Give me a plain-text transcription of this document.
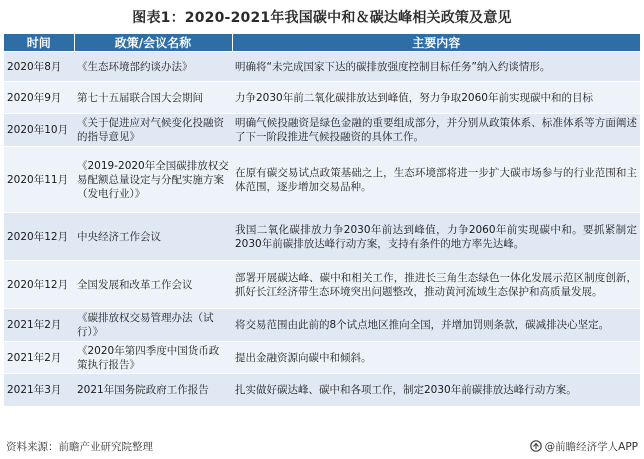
图表1：2020-2021年我国碳中和＆碳达峰相关政策及意见
时间	政策/会议名称	主要内容
2020年8月	《生态环境部约谈办法》	明确将“未完成国家下达的碳排放强度控制目标任务”纳入约谈情形。
2020年9月	第七十五届联合国大会期间	力争2030年前二氧化碳排放达到峰值，努力争取2060年前实现碳中和的目标
2020年10月	《关于促进应对气候变化投融资的指导意见》	明确气候投融资是绿色金融的重要组成部分，并分别从政策体系、标准体系等方面阐述了下一阶段推进气候投融资的具体工作。
2020年11月	《2019-2020年全国碳排放权交易配额总量设定与分配实施方案（发电行业）》	在原有碳交易试点政策基础之上，生态环境部将进一步扩大碳市场参与的行业范围和主体范围，逐步增加交易品种。
2020年12月	中央经济工作会议	我国二氧化碳排放力争2030年前达到峰值，力争2060年前实现碳中和。要抓紧制定2030年前碳排放达峰行动方案，支持有条件的地方率先达峰。
2020年12月	全国发展和改革工作会议	部署开展碳达峰、碳中和相关工作，推进长三角生态绿色一体化发展示范区制度创新，抓好长江经济带生态环境突出问题整改，推动黄河流域生态保护和高质量发展。
2021年2月	《碳排放权交易管理办法（试行）》	将交易范围由此前的8个试点地区推向全国，并增加罚则条款，碳减排决心坚定。
2021年2月	《2020年第四季度中国货币政策执行报告》	提出金融资源向碳中和倾斜。
2021年3月	2021年国务院政府工作报告	扎实做好碳达峰、碳中和各项工作，制定2030年前碳排放达峰行动方案。
资料来源：前瞻产业研究院整理	@前瞻经济学人APP
